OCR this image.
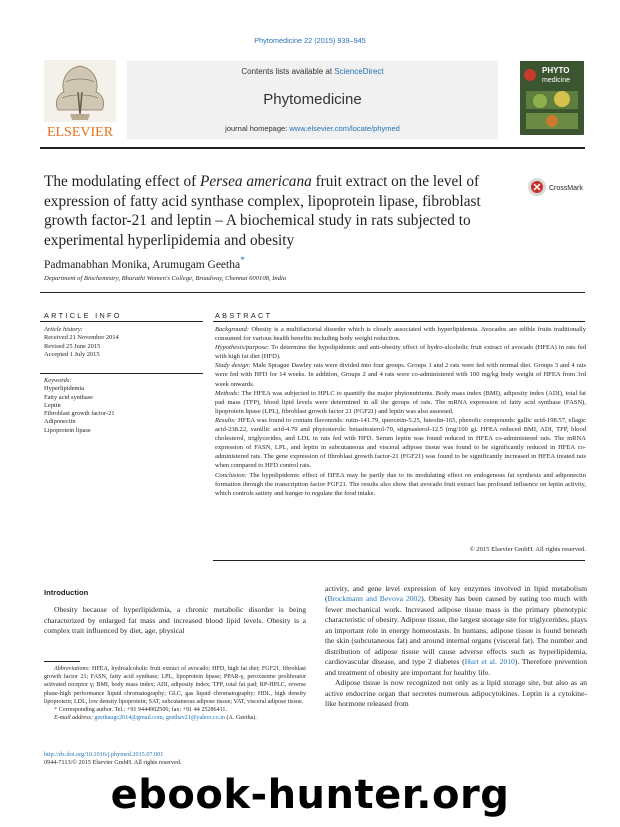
Phytomedicine 22 (2015) 939–945
ELSEVIER
Contents lists available at ScienceDirect
Phytomedicine
journal homepage: www.elsevier.com/locate/phymed
PHYTO
medicine
The modulating effect of Persea americana fruit extract on the level of expression of fatty acid synthase complex, lipoprotein lipase, fibroblast growth factor-21 and leptin – A biochemical study in rats subjected to experimental hyperlipidemia and obesity
CrossMark
Padmanabhan Monika, Arumugam Geetha*
Department of Biochemistry, Bharathi Women's College, Broadway, Chennai 600108, India
ARTICLE INFO
Article history:
Received 21 November 2014
Revised 25 June 2015
Accepted 1 July 2015
Keywords:
Hyperlipidemia
Fatty acid synthase
Leptin
Fibroblast growth factor-21
Adiponectin
Lipoprotein lipase
ABSTRACT

Background: Obesity is a multifactorial disorder which is closely associated with hyperlipidemia. Avocados are edible fruits traditionally consumed for various health benefits including body weight reduction.

Hypothesis/purpose: To determine the hypolipidemic and anti-obesity effect of hydro-alcoholic fruit extract of avocado (HFEA) in rats fed with high fat diet (HFD).

Study design: Male Sprague Dawley rats were divided into four groups. Groups 1 and 2 rats were fed with normal diet. Groups 3 and 4 rats were fed with HFD for 14 weeks. In addition, Groups 2 and 4 rats were co-administered with 100 mg/kg body weight of HFEA from 3rd week onwards.

Methods: The HFEA was subjected to HPLC to quantify the major phytonutrients. Body mass index (BMI), adiposity index (ADI), total fat pad mass (TFP), blood lipid levels were determined in all the groups of rats. The mRNA expression of fatty acid synthase (FASN), lipoprotein lipase (LPL), fibroblast growth factor 21 (FGF21) and leptin was also assessed.

Results: HFEA was found to contain flavonoids: rutin-141.79, quercetin-5.25, luteolin-165, phenolic compounds: gallic acid-198.57, ellagic acid-238.22, vanillic acid-4.79 and phytosterols: betasitosterol-70, stigmasterol-12.5 (mg/100 g). HFEA reduced BMI, ADI, TFP, blood cholesterol, triglycerides, and LDL in rats fed with HFD. Serum leptin was found reduced in HFEA co-administered rats. The mRNA expression of FASN, LPL, and leptin in subcutaneous and visceral adipose tissue was found to be significantly reduced in HFEA co-administered rats. The gene expression of fibroblast growth factor-21 (FGF21) was found to be significantly increased in HFEA treated rats when compared to HFD control rats.

Conclusion: The hypolipidemic effect of HFEA may be partly due to its modulating effect on endogenous fat synthesis and adiponectin formation through the transcription factor FGF21. The results also show that avocado fruit extract has profound influence on leptin activity, which controls satiety and hunger to regulate the food intake.

© 2015 Elsevier GmbH. All rights reserved.
Introduction
Obesity because of hyperlipidemia, a chronic metabolic disorder is being characterized by enlarged fat mass and increased blood lipid levels. Obesity is a complex trait influenced by diet, age, physical

Abbreviations: HFEA, hydroalcoholic fruit extract of avocado; HFD, high fat diet; FGF21, fibroblast growth factor 21; FASN, fatty acid synthase; LPL, lipoprotein lipase; PPAR-γ, peroxisome proliferator activated receptor γ; BMI, body mass index; ADI, adiposity index; TFP, total fat pad; RP-HPLC, reverse phase-high performance liquid chromatography; GLC, gas liquid chromatography; HDL, high density lipoprotein; LDL, low density lipoprotein; SAT, subcutaneous adipose tissue; VAT, visceral adipose tissue.

* Corresponding author. Tel.: +91 9444902506; fax: +91 44 25286411.

E-mail address: geethaugc2014@gmail.com, geethav21@yahoo.co.in (A. Geetha).

http://dx.doi.org/10.1016/j.phymed.2015.07.001
0944-7113/© 2015 Elsevier GmbH. All rights reserved.

activity, and gene level expression of key enzymes involved in lipid metabolism (Brockmann and Bevova 2002). Obesity has been caused by eating too much with fewer mechanical work. Increased adipose tissue mass is the primary phenotypic characteristic of obesity. Adipose tissue, the largest storage site for triglycerides, plays an important role in energy homeostasis. In humans, adipose tissue is found beneath the skin (subcutaneous fat) and around internal organs (visceral fat). The number and distribution of adipose tissue will cause adverse effects such as hyperlipidemia, cardiovascular disease, and type 2 diabetes (Hurt et al. 2010). Therefore prevention and treatment of obesity are important for healthy life.

Adipose tissue is now recognized not only as a lipid storage site, but also as an active endocrine organ that secretes numerous adipocytokines. Leptin is a cytokine-like hormone released from

ebook-hunter.org
